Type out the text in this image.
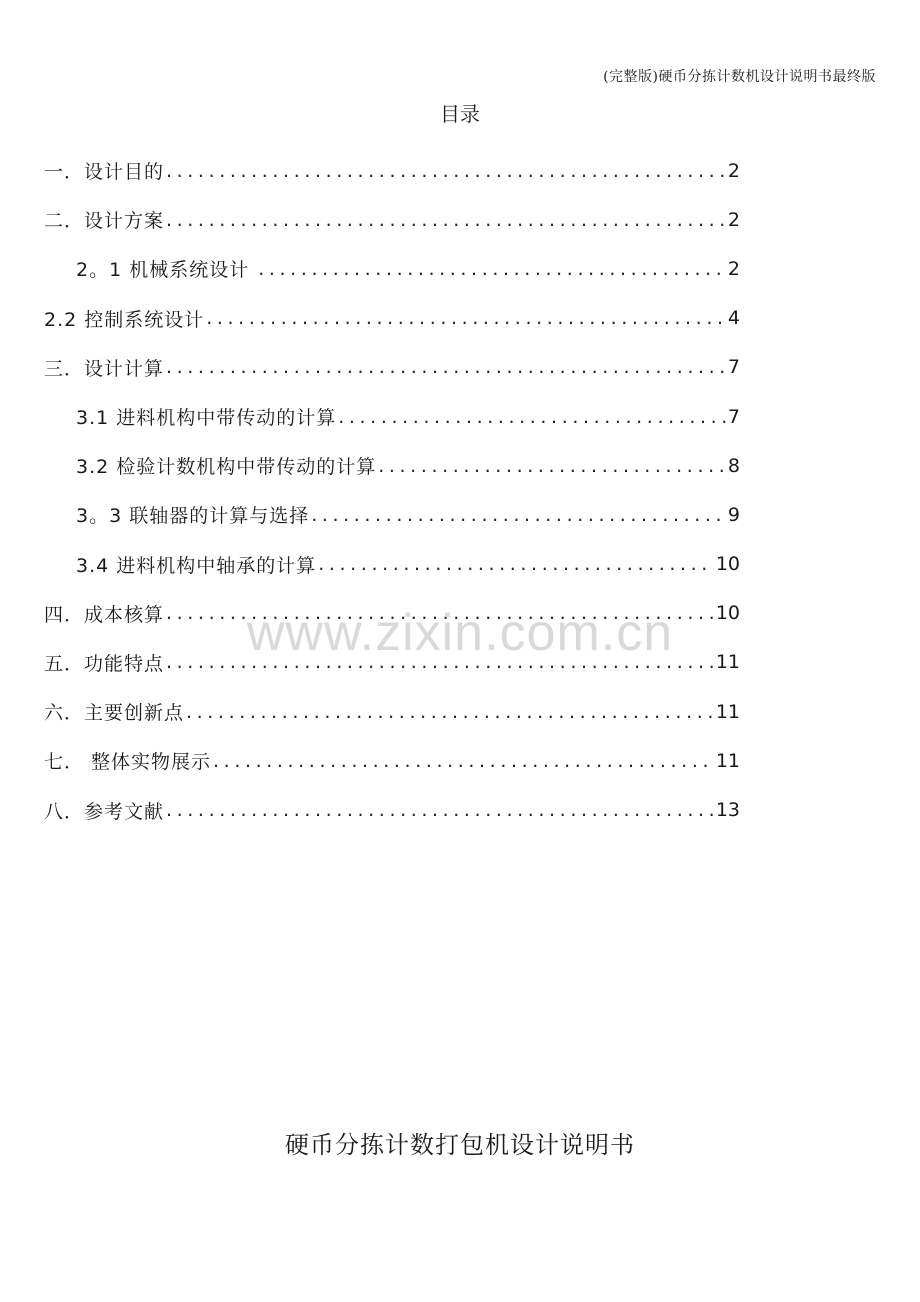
(完整版)硬币分拣计数机设计说明书最终版
目录
一．设计目的 .....	2
二．设计方案 .....	2
2。1 机械系统设计 .....	2
2.2 控制系统设计 .....	4
三．设计计算 .....	7
3.1 进料机构中带传动的计算 .....	7
3.2 检验计数机构中带传动的计算 .....	8
3。3 联轴器的计算与选择 .....	9
3.4 进料机构中轴承的计算 .....	10
四．成本核算 .....	10
五．功能特点 .....	11
六．主要创新点 .....	11
七． 整体实物展示 .....	11
八．参考文献 .....	13
www.zixin.com.cn
硬币分拣计数打包机设计说明书
